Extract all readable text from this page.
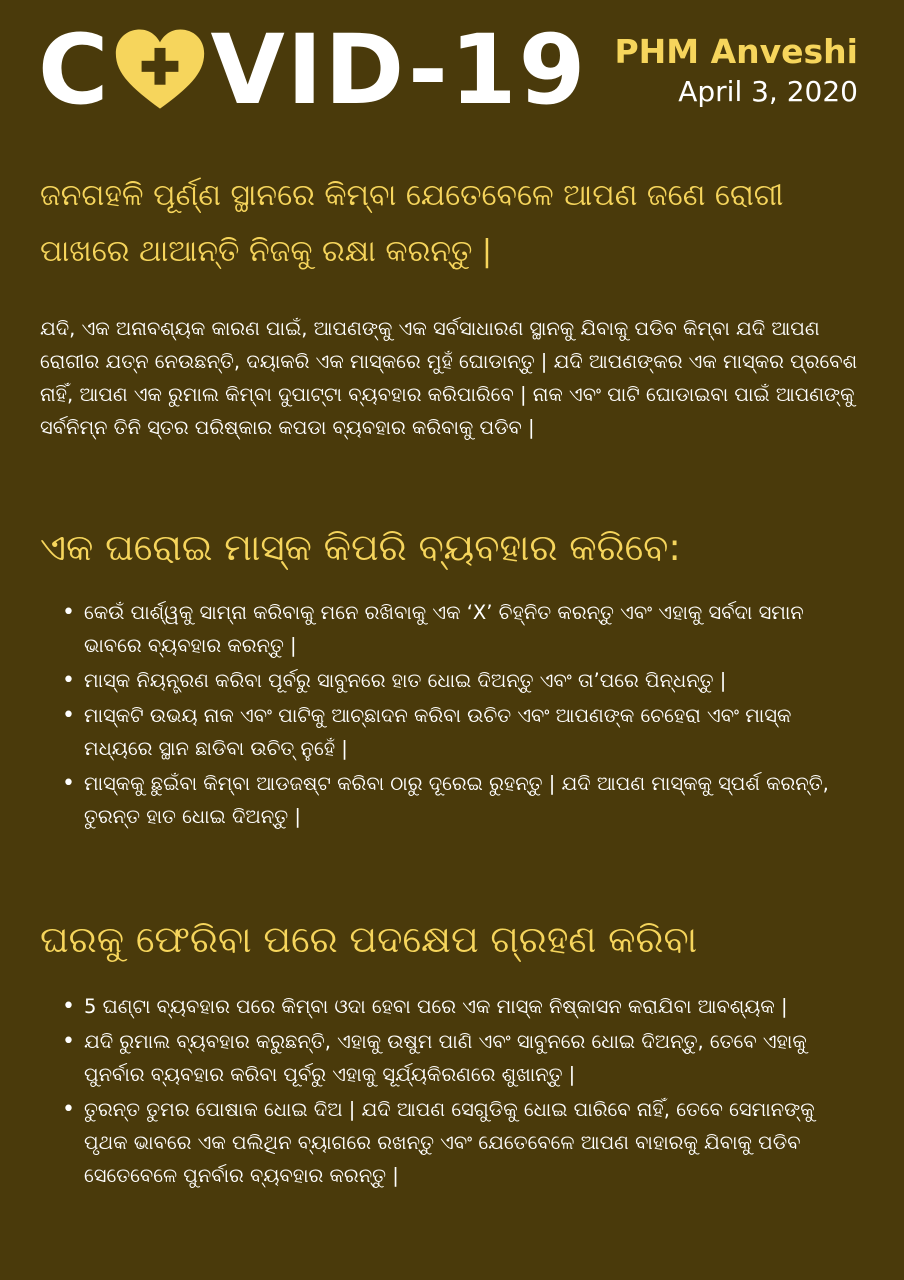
C VID-19 PHM Anveshi
April 3, 2020
ଜନଗହଳି ପୂର୍ଣ୍ଣ ସ୍ଥାନରେ କିମ୍ବା ଯେତେବେଳେ ଆପଣ ଜଣେ ରୋଗୀ ପାଖରେ ଥାଆନ୍ତି ନିଜକୁ ରକ୍ଷା କରନ୍ତୁ |
ଯଦି, ଏକ ଅନାବଶ୍ୟକ କାରଣ ପାଇଁ, ଆପଣଙ୍କୁ ଏକ ସର୍ବସାଧାରଣ ସ୍ଥାନକୁ ଯିବାକୁ ପଡିବ କିମ୍ବା ଯଦି ଆପଣ ରୋଗୀର ଯତ୍ନ ନେଉଛନ୍ତି, ଦୟାକରି ଏକ ମାସ୍କରେ ମୁହଁ ଘୋଡାନ୍ତୁ | ଯଦି ଆପଣଙ୍କର ଏକ ମାସ୍କର ପ୍ରବେଶ ନାହିଁ, ଆପଣ ଏକ ରୁମାଲ କିମ୍ବା ଦୁପାଟ୍ଟା ବ୍ୟବହାର କରିପାରିବେ | ନାକ ଏବଂ ପାଟି ଘୋଡାଇବା ପାଇଁ ଆପଣଙ୍କୁ ସର୍ବନିମ୍ନ ତିନି ସ୍ତର ପରିଷ୍କାର କପଡା ବ୍ୟବହାର କରିବାକୁ ପଡିବ |
ଏକ ଘରୋଇ ମାସ୍କ କିପରି ବ୍ୟବହାର କରିବେ:
• କେଉଁ ପାର୍ଶ୍ୱକୁ ସାମ୍ନା କରିବାକୁ ମନେ ରଖିବାକୁ ଏକ ‘X’ ଚିହ୍ନିତ କରନ୍ତୁ ଏବଂ ଏହାକୁ ସର୍ବଦା ସମାନ ଭାବରେ ବ୍ୟବହାର କରନ୍ତୁ |
• ମାସ୍କ ନିୟନ୍ତ୍ରଣ କରିବା ପୂର୍ବରୁ ସାବୁନରେ ହାତ ଧୋଇ ଦିଅନ୍ତୁ ଏବଂ ତା’ପରେ ପିନ୍ଧନ୍ତୁ |
• ମାସ୍କଟି ଉଭୟ ନାକ ଏବଂ ପାଟିକୁ ଆଚ୍ଛାଦନ କରିବା ଉଚିତ ଏବଂ ଆପଣଙ୍କ ଚେହେରା ଏବଂ ମାସ୍କ ମଧ୍ୟରେ ସ୍ଥାନ ଛାଡିବା ଉଚିତ୍ ନୁହେଁ |
• ମାସ୍କକୁ ଛୁଇଁବା କିମ୍ବା ଆଡଜଷ୍ଟ କରିବା ଠାରୁ ଦୂରେଇ ରୁହନ୍ତୁ | ଯଦି ଆପଣ ମାସ୍କକୁ ସ୍ପର୍ଶ କରନ୍ତି, ତୁରନ୍ତ ହାତ ଧୋଇ ଦିଅନ୍ତୁ |
ଘରକୁ ଫେରିବା ପରେ ପଦକ୍ଷେପ ଗ୍ରହଣ କରିବା
• 5 ଘଣ୍ଟା ବ୍ୟବହାର ପରେ କିମ୍ବା ଓଦା ହେବା ପରେ ଏକ ମାସ୍କ ନିଷ୍କାସନ କରାଯିବା ଆବଶ୍ୟକ |
• ଯଦି ରୁମାଲ ବ୍ୟବହାର କରୁଛନ୍ତି, ଏହାକୁ ଉଷୁମ ପାଣି ଏବଂ ସାବୁନରେ ଧୋଇ ଦିଅନ୍ତୁ, ତେବେ ଏହାକୁ ପୁନର୍ବାର ବ୍ୟବହାର କରିବା ପୂର୍ବରୁ ଏହାକୁ ସୂର୍ଯ୍ୟକିରଣରେ ଶୁଖାନ୍ତୁ |
• ତୁରନ୍ତ ତୁମର ପୋଷାକ ଧୋଇ ଦିଅ | ଯଦି ଆପଣ ସେଗୁଡିକୁ ଧୋଇ ପାରିବେ ନାହିଁ, ତେବେ ସେମାନଙ୍କୁ ପୃଥକ ଭାବରେ ଏକ ପଲିଥିନ ବ୍ୟାଗରେ ରଖନ୍ତୁ ଏବଂ ଯେତେବେଳେ ଆପଣ ବାହାରକୁ ଯିବାକୁ ପଡିବ ସେତେବେଳେ ପୁନର୍ବାର ବ୍ୟବହାର କରନ୍ତୁ |
